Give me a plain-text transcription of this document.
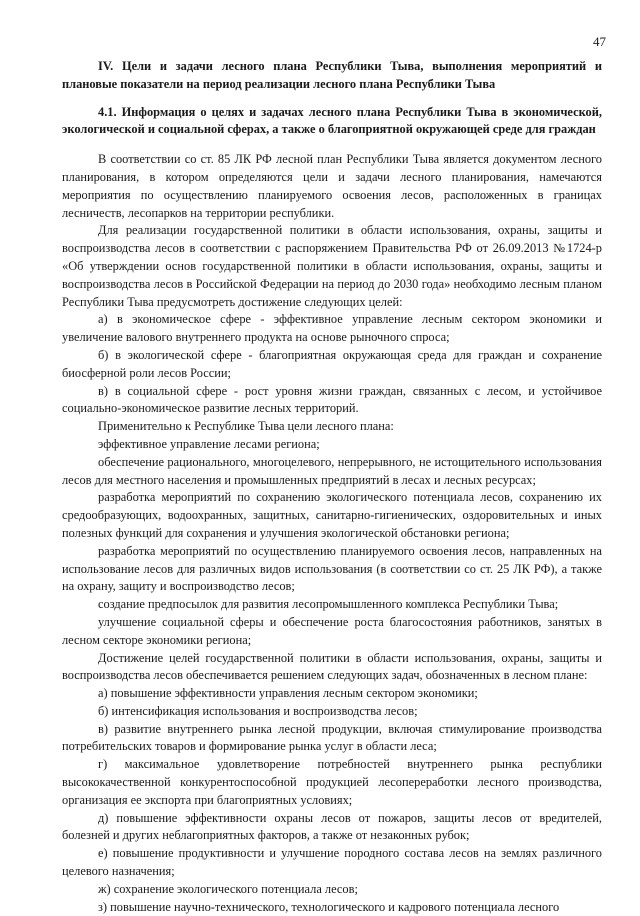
47

IV. Цели и задачи лесного плана Республики Тыва, выполнения мероприятий и плановые показатели на период реализации лесного плана Республики Тыва

4.1. Информация о целях и задачах лесного плана Республики Тыва в экономической, экологической и социальной сферах, а также о благоприятной окружающей среде для граждан

В соответствии со ст. 85 ЛК РФ лесной план Республики Тыва является документом лесного планирования, в котором определяются цели и задачи лесного планирования, намечаются мероприятия по осуществлению планируемого освоения лесов, расположенных в границах лесничеств, лесопарков на территории республики.

Для реализации государственной политики в области использования, охраны, защиты и воспроизводства лесов в соответствии с распоряжением Правительства РФ от 26.09.2013 №1724-р «Об утверждении основ государственной политики в области использования, охраны, защиты и воспроизводства лесов в Российской Федерации на период до 2030 года» необходимо лесным планом Республики Тыва предусмотреть достижение следующих целей:

а) в экономическое сфере - эффективное управление лесным сектором экономики и увеличение валового внутреннего продукта на основе рыночного спроса;

б) в экологической сфере - благоприятная окружающая среда для граждан и сохранение биосферной роли лесов России;

в) в социальной сфере - рост уровня жизни граждан, связанных с лесом, и устойчивое социально-экономическое развитие лесных территорий.

Применительно к Республике Тыва цели лесного плана:

эффективное управление лесами региона;

обеспечение рационального, многоцелевого, непрерывного, не истощительного использования лесов для местного населения и промышленных предприятий в лесах и лесных ресурсах;

разработка мероприятий по сохранению экологического потенциала лесов, сохранению их средообразующих, водоохранных, защитных, санитарно-гигиенических, оздоровительных и иных полезных функций для сохранения и улучшения экологической обстановки региона;

разработка мероприятий по осуществлению планируемого освоения лесов, направленных на использование лесов для различных видов использования (в соответствии со ст. 25 ЛК РФ), а также на охрану, защиту и воспроизводство лесов;

создание предпосылок для развития лесопромышленного комплекса Республики Тыва;

улучшение социальной сферы и обеспечение роста благосостояния работников, занятых в лесном секторе экономики региона;

Достижение целей государственной политики в области использования, охраны, защиты и воспроизводства лесов обеспечивается решением следующих задач, обозначенных в лесном плане:

а) повышение эффективности управления лесным сектором экономики;

б) интенсификация использования и воспроизводства лесов;

в) развитие внутреннего рынка лесной продукции, включая стимулирование производства потребительских товаров и формирование рынка услуг в области леса;

г) максимальное удовлетворение потребностей внутреннего рынка республики высококачественной конкурентоспособной продукцией лесопереработки лесного производства, организация ее экспорта при благоприятных условиях;

д) повышение эффективности охраны лесов от пожаров, защиты лесов от вредителей, болезней и других неблагоприятных факторов, а также от незаконных рубок;

е) повышение продуктивности и улучшение породного состава лесов на землях различного целевого назначения;

ж) сохранение экологического потенциала лесов;

з) повышение научно-технического, технологического и кадрового потенциала лесного
